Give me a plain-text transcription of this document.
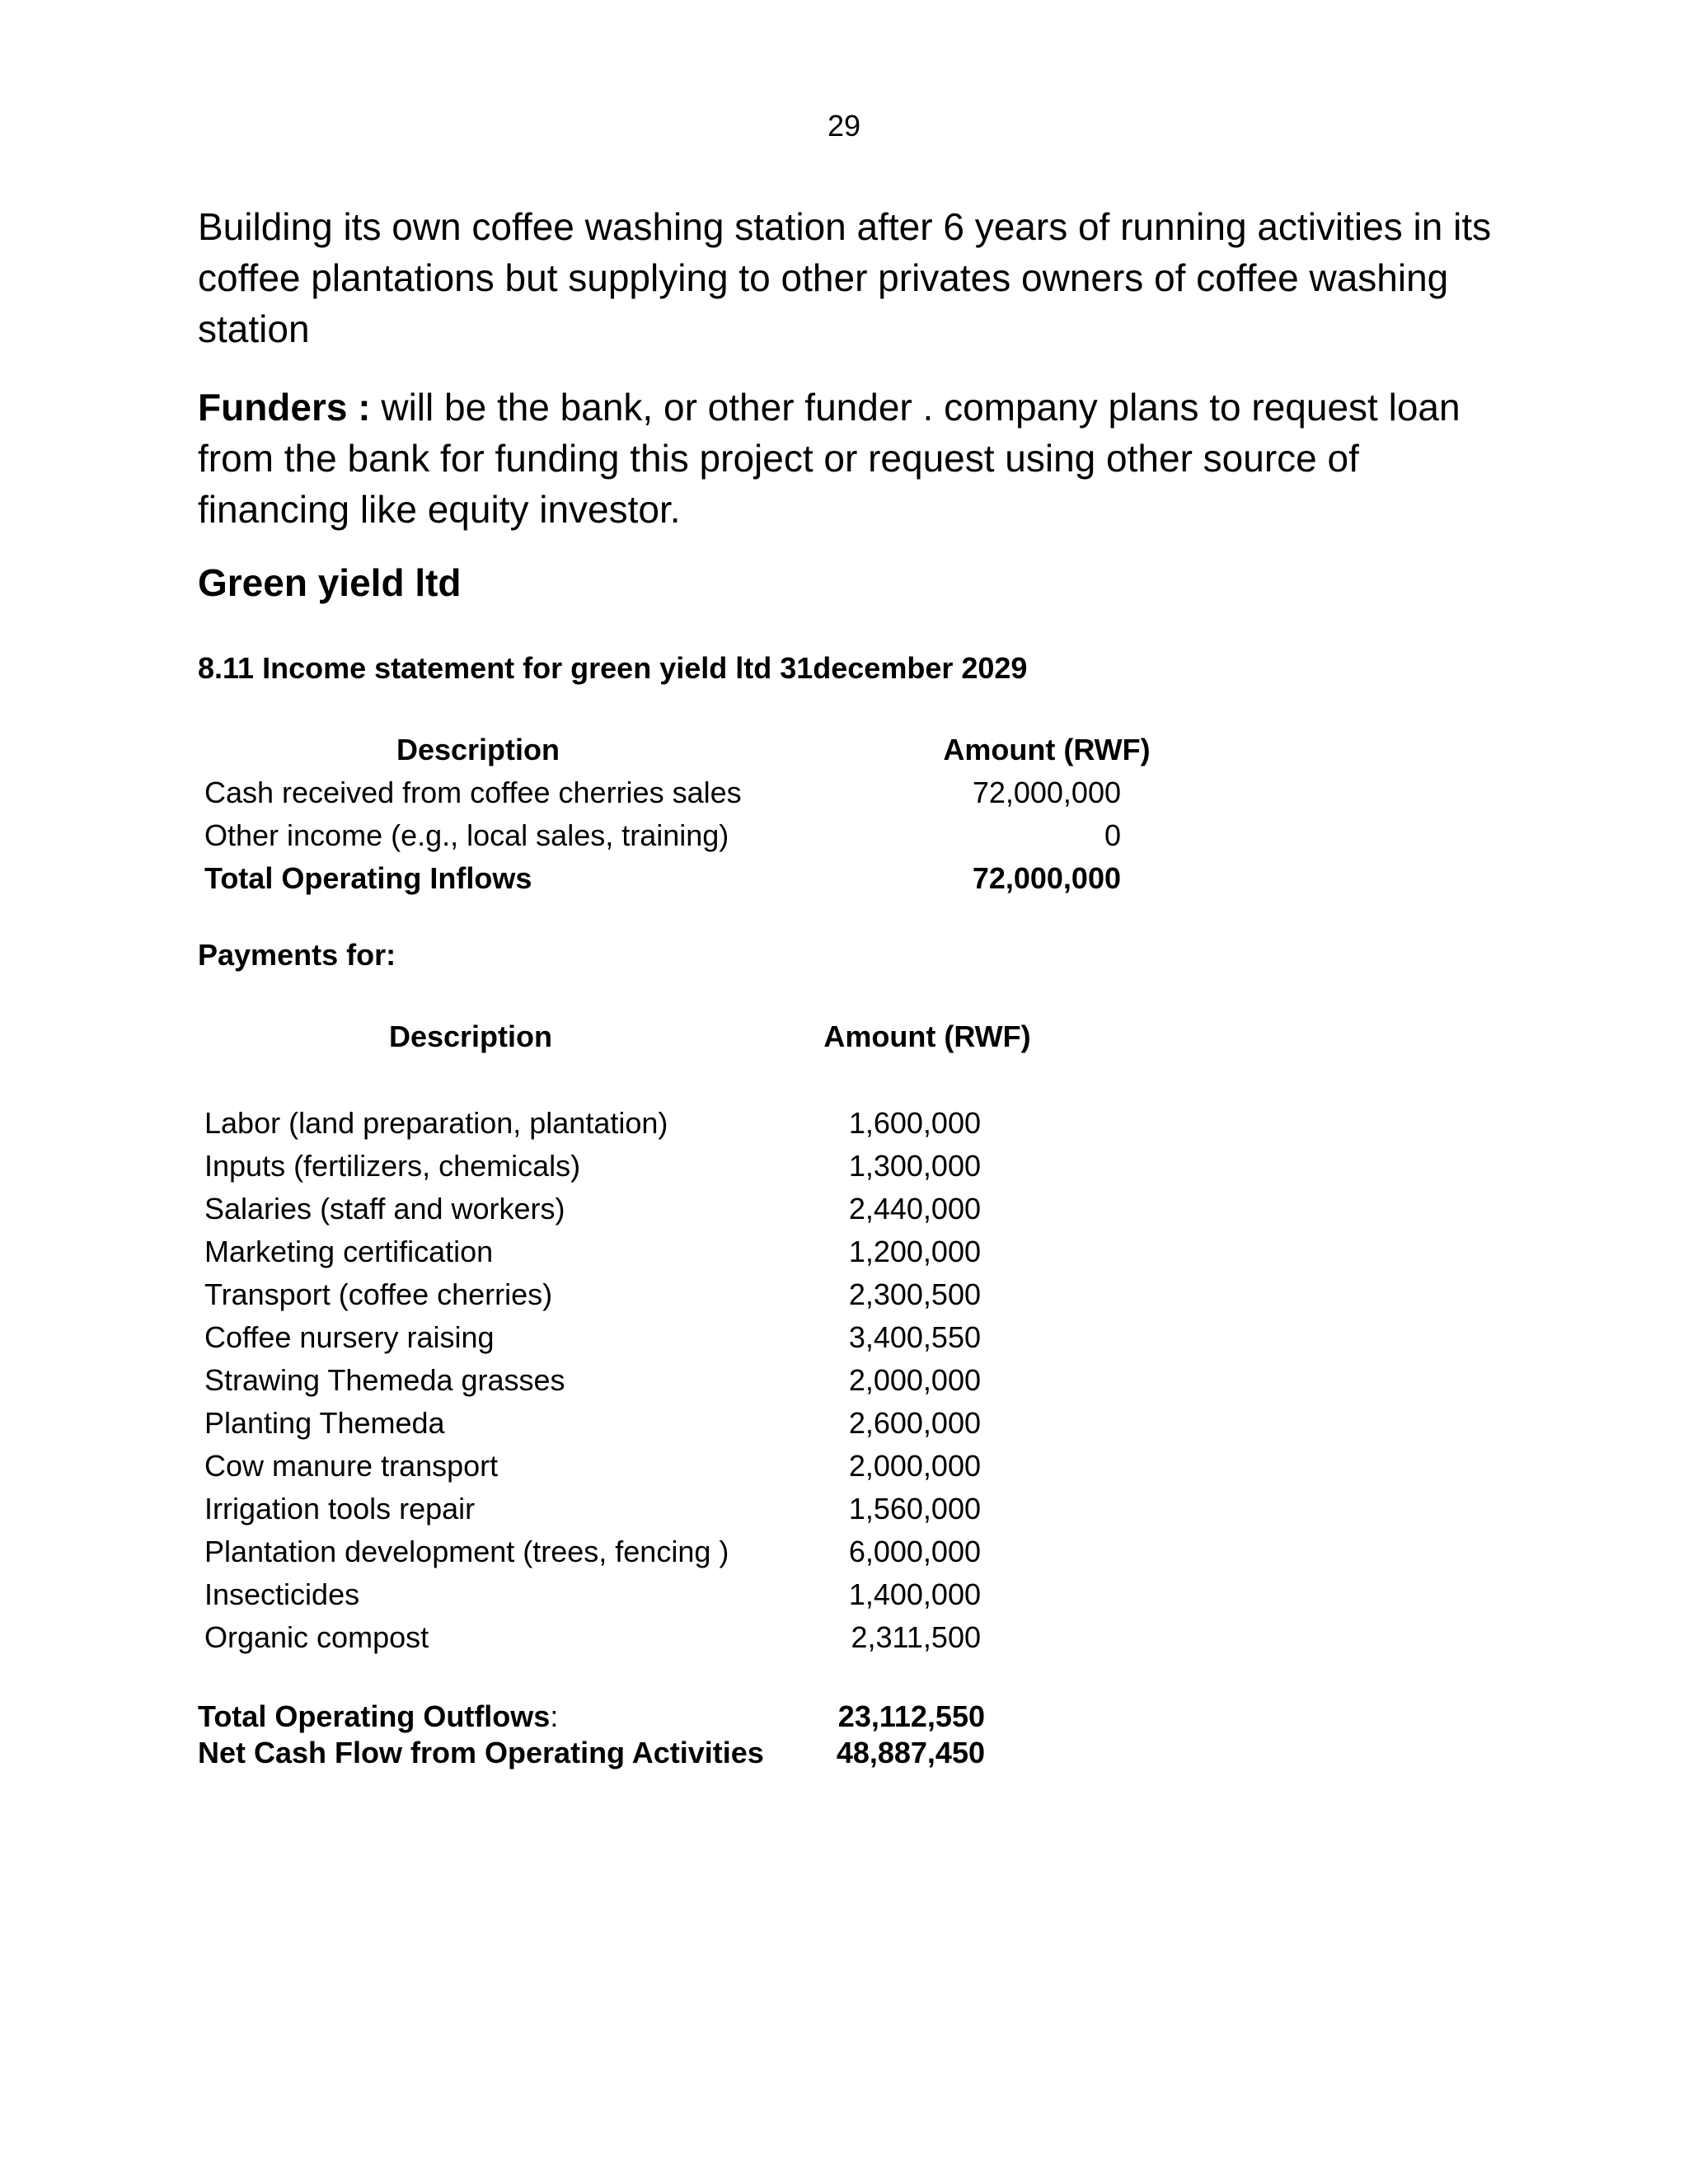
29

Building its own coffee washing station after 6 years of running activities in its coffee plantations but supplying to other privates owners of coffee washing station

Funders : will be the bank, or other funder . company plans to request loan from the bank for funding this project or request using other source of financing like equity investor.

Green yield ltd
8.11 Income statement for green yield ltd 31december 2029
Description	Amount (RWF)
Cash received from coffee cherries sales	72,000,000
Other income (e.g., local sales, training)	0
Total Operating Inflows	72,000,000

Payments for:

Description	Amount (RWF)
Labor (land preparation, plantation)	1,600,000
Inputs (fertilizers, chemicals)	1,300,000
Salaries (staff and workers)	2,440,000
Marketing certification	1,200,000
Transport (coffee cherries)	2,300,500
Coffee nursery raising	3,400,550
Strawing Themeda grasses	2,000,000
Planting Themeda	2,600,000
Cow manure transport	2,000,000
Irrigation tools repair	1,560,000
Plantation development (trees, fencing )	6,000,000
Insecticides	1,400,000
Organic compost	2,311,500
Total Operating Outflows:	23,112,550
Net Cash Flow from Operating Activities	48,887,450
